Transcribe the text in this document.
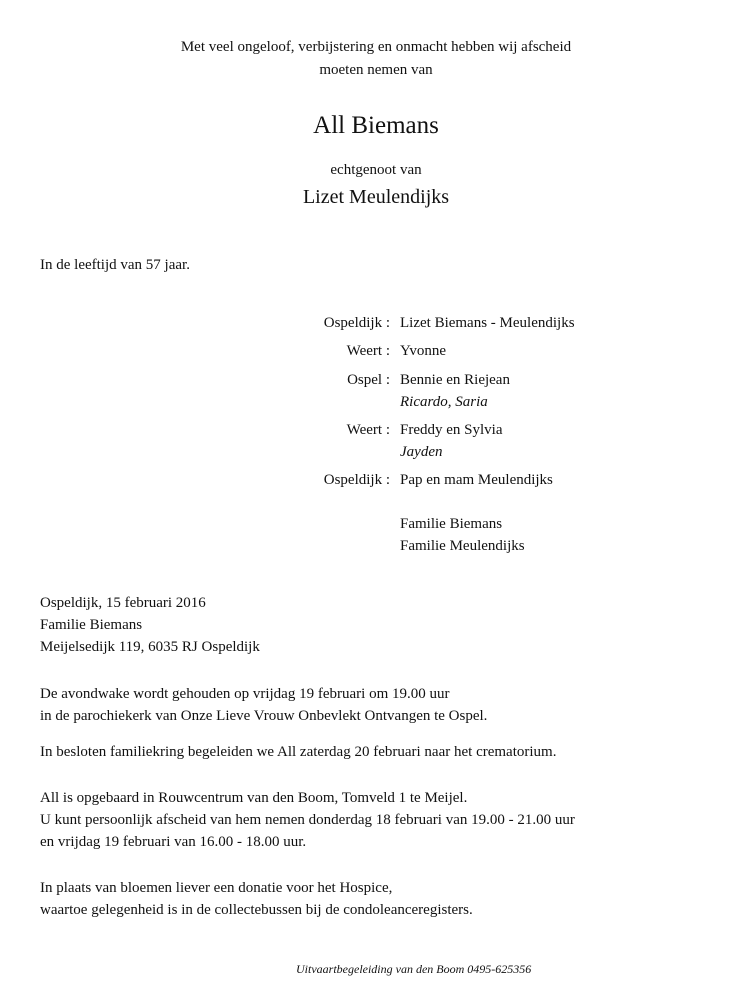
Met veel ongeloof, verbijstering en onmacht hebben wij afscheid
moeten nemen van
All Biemans
echtgenoot van
Lizet Meulendijks
In de leeftijd van 57 jaar.
Ospeldijk : Lizet Biemans - Meulendijks
Weert : Yvonne
Ospel : Bennie en Riejean
Ricardo, Saria
Weert : Freddy en Sylvia
Jayden
Ospeldijk : Pap en mam Meulendijks
Familie Biemans
Familie Meulendijks
Ospeldijk, 15 februari 2016
Familie Biemans
Meijelsedijk 119, 6035 RJ Ospeldijk
De avondwake wordt gehouden op vrijdag 19 februari om 19.00 uur
in de parochiekerk van Onze Lieve Vrouw Onbevlekt Ontvangen te Ospel.
In besloten familiekring begeleiden we All zaterdag 20 februari naar het crematorium.
All is opgebaard in Rouwcentrum van den Boom, Tomveld 1 te Meijel.
U kunt persoonlijk afscheid van hem nemen donderdag 18 februari van 19.00 - 21.00 uur
en vrijdag 19 februari van 16.00 - 18.00 uur.
In plaats van bloemen liever een donatie voor het Hospice,
waartoe gelegenheid is in de collectebussen bij de condoleanceregisters.
Uitvaartbegeleiding van den Boom 0495-625356
